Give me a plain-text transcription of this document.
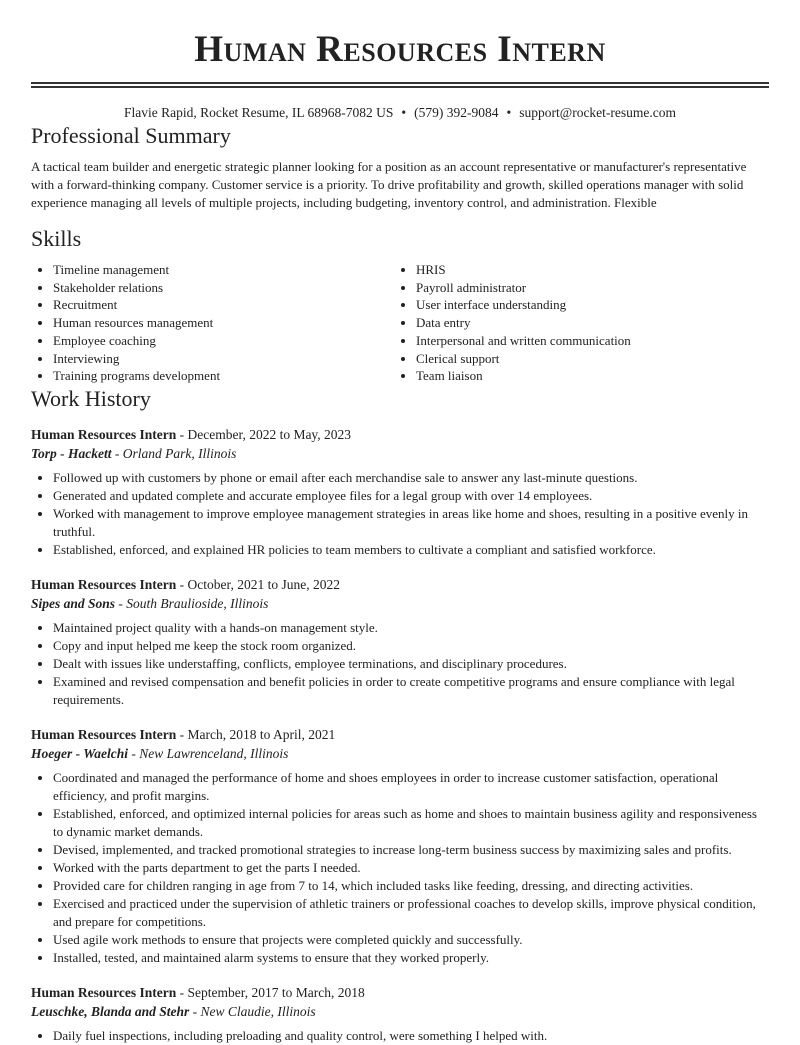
Human Resources Intern
Flavie Rapid, Rocket Resume, IL 68968-7082 US • (579) 392-9084 • support@rocket-resume.com
Professional Summary

A tactical team builder and energetic strategic planner looking for a position as an account representative or manufacturer's representative with a forward-thinking company. Customer service is a priority. To drive profitability and growth, skilled operations manager with solid experience managing all levels of multiple projects, including budgeting, inventory control, and administration. Flexible

Skills
• Timeline management
• Stakeholder relations
• Recruitment
• Human resources management
• Employee coaching
• Interviewing
• Training programs development
• HRIS
• Payroll administrator
• User interface understanding
• Data entry
• Interpersonal and written communication
• Clerical support
• Team liaison
Work History
Human Resources Intern - December, 2022 to May, 2023
Torp - Hackett - Orland Park, Illinois
• Followed up with customers by phone or email after each merchandise sale to answer any last-minute questions.
• Generated and updated complete and accurate employee files for a legal group with over 14 employees.
• Worked with management to improve employee management strategies in areas like home and shoes, resulting in a positive evenly in truthful.
• Established, enforced, and explained HR policies to team members to cultivate a compliant and satisfied workforce.
Human Resources Intern - October, 2021 to June, 2022
Sipes and Sons - South Braulioside, Illinois
• Maintained project quality with a hands-on management style.
• Copy and input helped me keep the stock room organized.
• Dealt with issues like understaffing, conflicts, employee terminations, and disciplinary procedures.
• Examined and revised compensation and benefit policies in order to create competitive programs and ensure compliance with legal requirements.
Human Resources Intern - March, 2018 to April, 2021
Hoeger - Waelchi - New Lawrenceland, Illinois
• Coordinated and managed the performance of home and shoes employees in order to increase customer satisfaction, operational efficiency, and profit margins.
• Established, enforced, and optimized internal policies for areas such as home and shoes to maintain business agility and responsiveness to dynamic market demands.
• Devised, implemented, and tracked promotional strategies to increase long-term business success by maximizing sales and profits.
• Worked with the parts department to get the parts I needed.
• Provided care for children ranging in age from 7 to 14, which included tasks like feeding, dressing, and directing activities.
• Exercised and practiced under the supervision of athletic trainers or professional coaches to develop skills, improve physical condition, and prepare for competitions.
• Used agile work methods to ensure that projects were completed quickly and successfully.
• Installed, tested, and maintained alarm systems to ensure that they worked properly.
Human Resources Intern - September, 2017 to March, 2018
Leuschke, Blanda and Stehr - New Claudie, Illinois
• Daily fuel inspections, including preloading and quality control, were something I helped with.
